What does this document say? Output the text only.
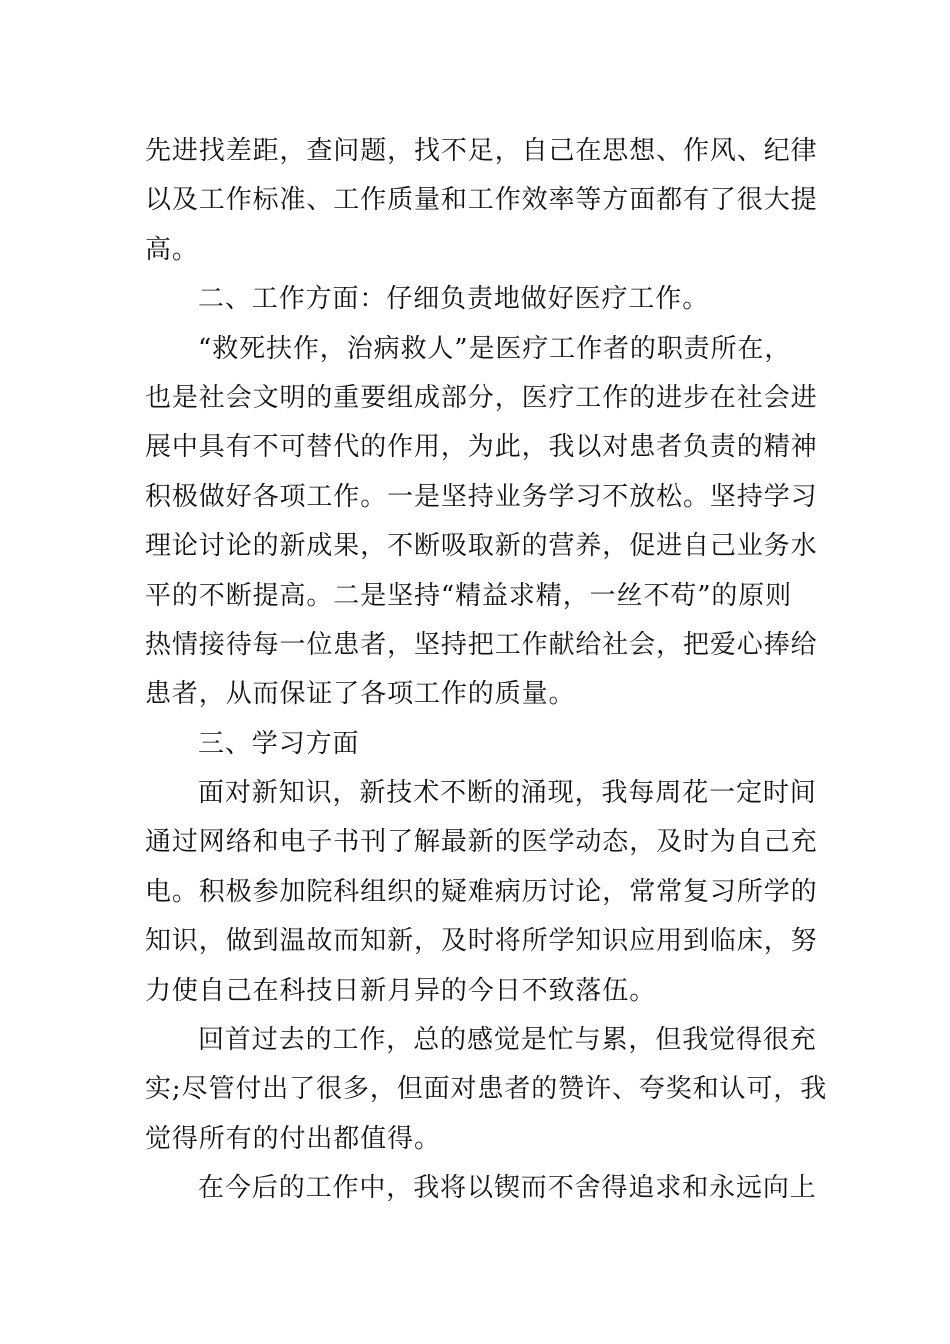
先进找差距，查问题，找不足，自己在思想、作风、纪律
以及工作标准、工作质量和工作效率等方面都有了很大提
高。
二、工作方面：仔细负责地做好医疗工作。
“救死扶作，治病救人”是医疗工作者的职责所在，
也是社会文明的重要组成部分，医疗工作的进步在社会进
展中具有不可替代的作用，为此，我以对患者负责的精神
积极做好各项工作。一是坚持业务学习不放松。坚持学习
理论讨论的新成果，不断吸取新的营养，促进自己业务水
平的不断提高。二是坚持“精益求精，一丝不苟”的原则
热情接待每一位患者，坚持把工作献给社会，把爱心捧给
患者，从而保证了各项工作的质量。
三、学习方面
面对新知识，新技术不断的涌现，我每周花一定时间
通过网络和电子书刊了解最新的医学动态，及时为自己充
电。积极参加院科组织的疑难病历讨论，常常复习所学的
知识，做到温故而知新，及时将所学知识应用到临床，努
力使自己在科技日新月异的今日不致落伍。
回首过去的工作，总的感觉是忙与累，但我觉得很充
实;尽管付出了很多，但面对患者的赞许、夸奖和认可，我
觉得所有的付出都值得。
在今后的工作中，我将以锲而不舍得追求和永远向上
